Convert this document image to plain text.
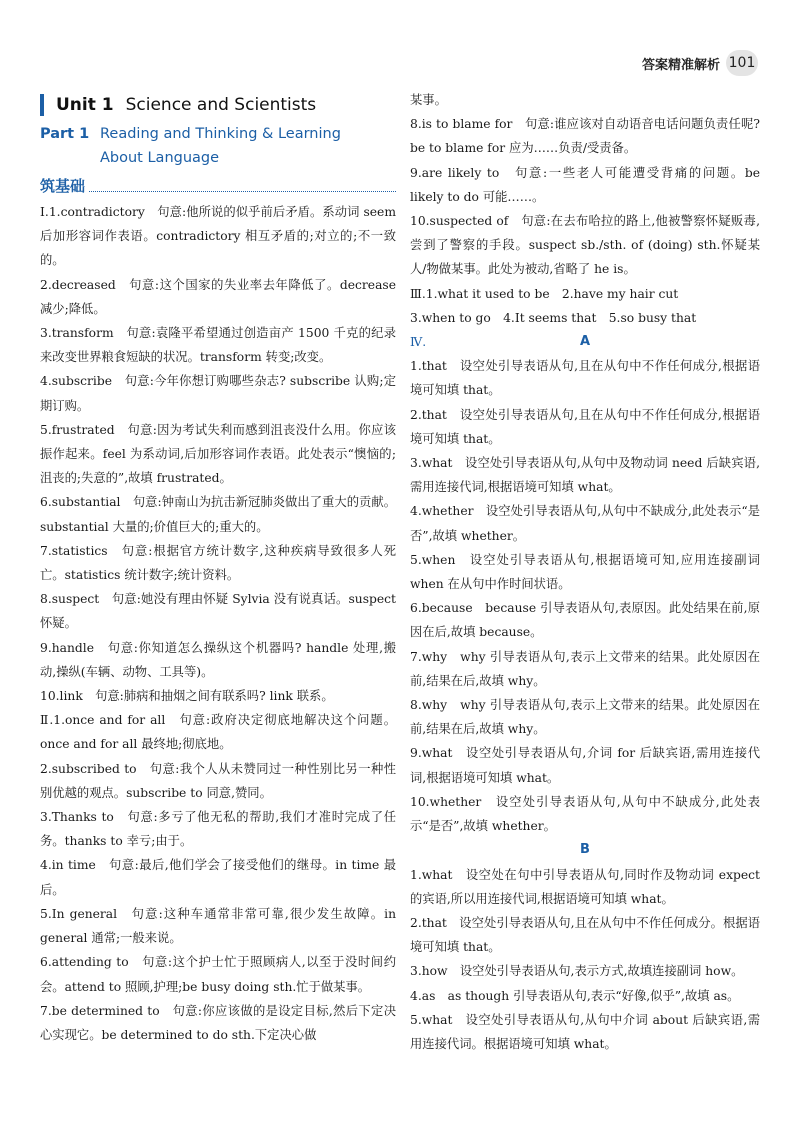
答案精准解析 101
Unit 1 Science and Scientists
Part 1 Reading and Thinking & Learning
About Language
筑基础
Ⅰ.1.contradictory　句意:他所说的似乎前后矛盾。系动词 seem 后加形容词作表语。contradictory 相互矛盾的;对立的;不一致的。
2.decreased　句意:这个国家的失业率去年降低了。decrease减少;降低。
3.transform　句意:袁隆平希望通过创造亩产 1500 千克的纪录来改变世界粮食短缺的状况。transform 转变;改变。
4.subscribe　句意:今年你想订购哪些杂志? subscribe 认购;定期订购。
5.frustrated　句意:因为考试失利而感到沮丧没什么用。你应该振作起来。feel 为系动词,后加形容词作表语。此处表示“懊恼的;沮丧的;失意的”,故填 frustrated。
6.substantial　句意:钟南山为抗击新冠肺炎做出了重大的贡献。substantial 大量的;价值巨大的;重大的。
7.statistics　句意:根据官方统计数字,这种疾病导致很多人死亡。statistics 统计数字;统计资料。
8.suspect　句意:她没有理由怀疑 Sylvia 没有说真话。suspect 怀疑。
9.handle　句意:你知道怎么操纵这个机器吗? handle 处理,搬动,操纵(车辆、动物、工具等)。
10.link　句意:肺病和抽烟之间有联系吗? link 联系。
Ⅱ.1.once and for all　句意:政府决定彻底地解决这个问题。once and for all 最终地;彻底地。
2.subscribed to　句意:我个人从未赞同过一种性别比另一种性别优越的观点。subscribe to 同意,赞同。
3.Thanks to　句意:多亏了他无私的帮助,我们才准时完成了任务。thanks to 幸亏;由于。
4.in time　句意:最后,他们学会了接受他们的继母。in time 最后。
5.In general　句意:这种车通常非常可靠,很少发生故障。in general 通常;一般来说。
6.attending to　句意:这个护士忙于照顾病人,以至于没时间约会。attend to 照顾,护理;be busy doing sth.忙于做某事。
7.be determined to　句意:你应该做的是设定目标,然后下定决心实现它。be determined to do sth.下定决心做
某事。
8.is to blame for　句意:谁应该对自动语音电话问题负责任呢? be to blame for 应为……负责/受责备。
9.are likely to　句意:一些老人可能遭受背痛的问题。be likely to do 可能……。
10.suspected of　句意:在去布哈拉的路上,他被警察怀疑贩毒,尝到了警察的手段。suspect sb./sth. of (doing) sth.怀疑某人/物做某事。此处为被动,省略了 he is。
Ⅲ.1.what it used to be　2.have my hair cut
3.when to go　4.It seems that　5.so busy that
Ⅳ.	A
1.that　设空处引导表语从句,且在从句中不作任何成分,根据语境可知填 that。
2.that　设空处引导表语从句,且在从句中不作任何成分,根据语境可知填 that。
3.what　设空处引导表语从句,从句中及物动词 need 后缺宾语,需用连接代词,根据语境可知填 what。
4.whether　设空处引导表语从句,从句中不缺成分,此处表示“是否”,故填 whether。
5.when　设空处引导表语从句,根据语境可知,应用连接副词 when 在从句中作时间状语。
6.because　because 引导表语从句,表原因。此处结果在前,原因在后,故填 because。
7.why　why 引导表语从句,表示上文带来的结果。此处原因在前,结果在后,故填 why。
8.why　why 引导表语从句,表示上文带来的结果。此处原因在前,结果在后,故填 why。
9.what　设空处引导表语从句,介词 for 后缺宾语,需用连接代词,根据语境可知填 what。
10.whether　设空处引导表语从句,从句中不缺成分,此处表示“是否”,故填 whether。
B
1.what　设空处在句中引导表语从句,同时作及物动词 expect 的宾语,所以用连接代词,根据语境可知填 what。
2.that　设空处引导表语从句,且在从句中不作任何成分。根据语境可知填 that。
3.how　设空处引导表语从句,表示方式,故填连接副词 how。
4.as　as though 引导表语从句,表示“好像,似乎”,故填 as。
5.what　设空处引导表语从句,从句中介词 about 后缺宾语,需用连接代词。根据语境可知填 what。
